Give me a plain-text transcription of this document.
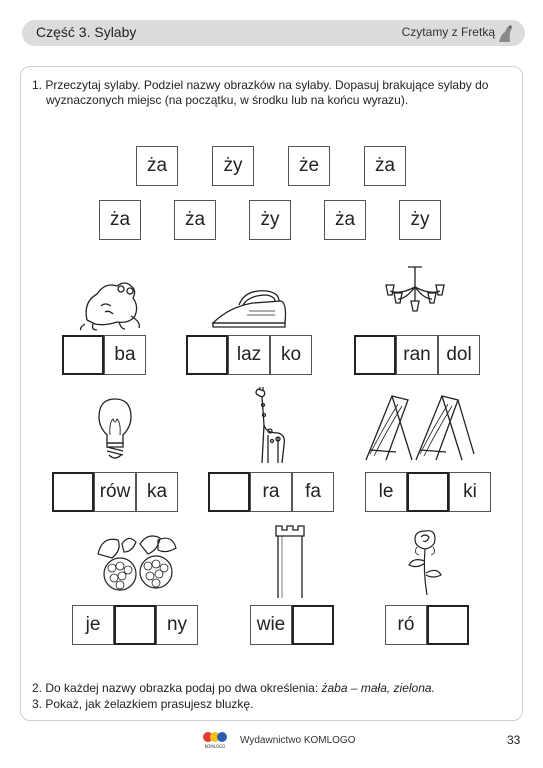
Część 3. Sylaby	Czytamy z Fretką
1. Przeczytaj sylaby. Podziel nazwy obrazków na sylaby. Dopasuj brakujące sylaby do
wyznaczonych miejsc (na początku, w środku lub na końcu wyrazu).
ża	ży	że	ża
ża	ża	ży	ża	ży
ba	laz	ko	ran dol
rów ka	ra	fa	le	ki
je	ny	wie	ró
2. Do każdej nazwy obrazka podaj po dwa określenia: żaba – mała, zielona.
3. Pokaż, jak żelazkiem prasujesz bluzkę.
KOMLOGO
Wydawnictwo KOMLOGO	33
